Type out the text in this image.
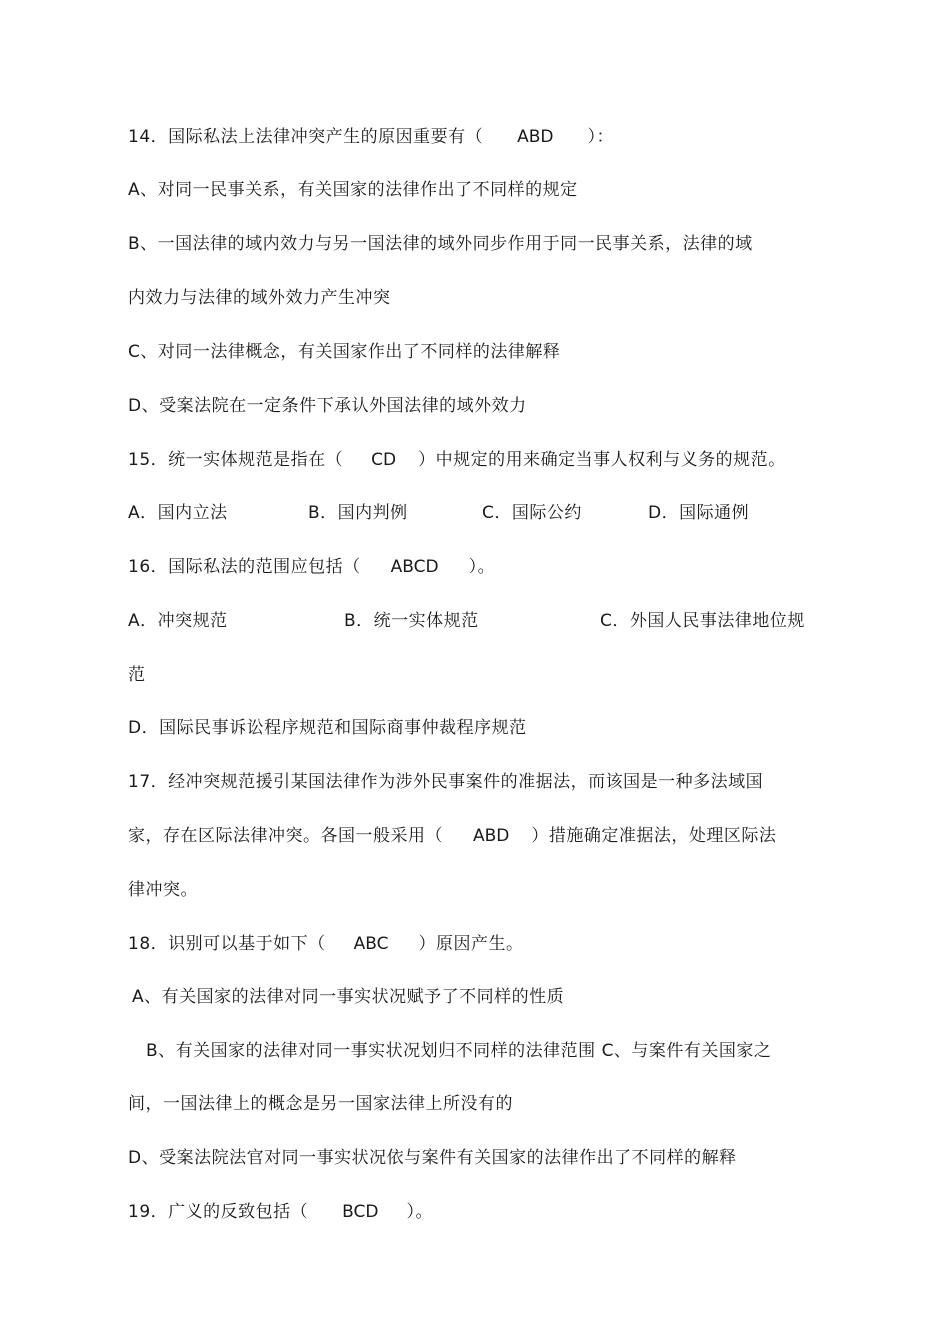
14．国际私法上法律冲突产生的原因重要有（ ABD ）：
A、对同一民事关系，有关国家的法律作出了不同样的规定
B、一国法律的域内效力与另一国法律的域外同步作用于同一民事关系，法律的域
内效力与法律的域外效力产生冲突
C、对同一法律概念，有关国家作出了不同样的法律解释
D、受案法院在一定条件下承认外国法律的域外效力
15．统一实体规范是指在（ CD ）中规定的用来确定当事人权利与义务的规范。
A．国内立法	B．国内判例	C．国际公约	D．国际通例
16．国际私法的范围应包括（ ABCD ）。
A．冲突规范	B．统一实体规范	C．外国人民事法律地位规
范
D．国际民事诉讼程序规范和国际商事仲裁程序规范
17．经冲突规范援引某国法律作为涉外民事案件的准据法，而该国是一种多法域国
家，存在区际法律冲突。各国一般采用（ ABD ）措施确定准据法，处理区际法
律冲突。
18．识别可以基于如下（ ABC ）原因产生。
A、有关国家的法律对同一事实状况赋予了不同样的性质
B、有关国家的法律对同一事实状况划归不同样的法律范围 C、与案件有关国家之
间，一国法律上的概念是另一国家法律上所没有的
D、受案法院法官对同一事实状况依与案件有关国家的法律作出了不同样的解释
19．广义的反致包括（ BCD ）。
